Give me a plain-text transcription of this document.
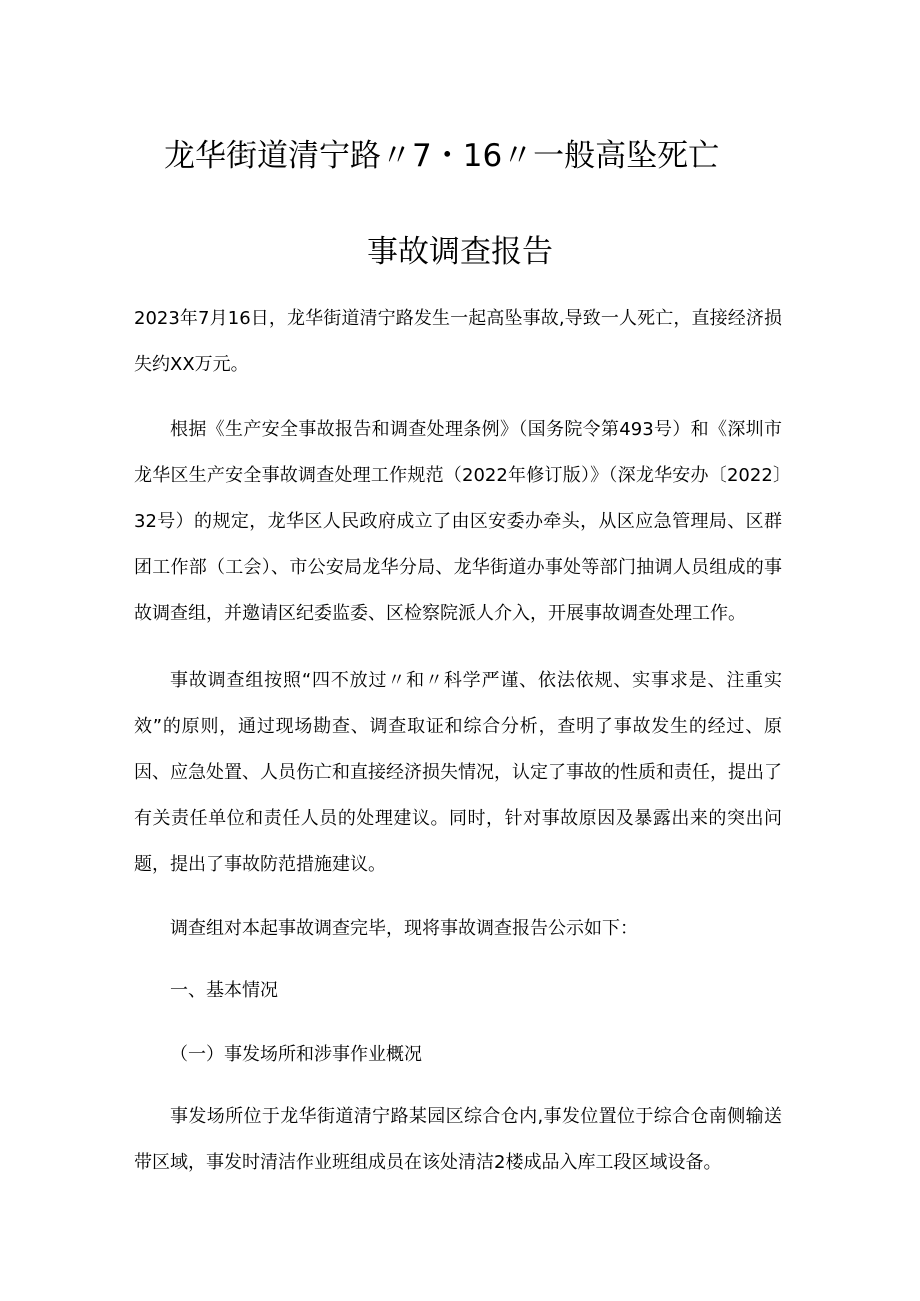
龙华街道清宁路〃7・16〃一般高坠死亡
事故调查报告

2023年7月16日，龙华街道清宁路发生一起高坠事故,导致一人死亡，直接经济损失约XX万元。

根据《生产安全事故报告和调查处理条例》（国务院令第493号）和《深圳市龙华区生产安全事故调查处理工作规范（2022年修订版）》（深龙华安办〔2022〕32号）的规定，龙华区人民政府成立了由区安委办牵头，从区应急管理局、区群团工作部（工会）、市公安局龙华分局、龙华街道办事处等部门抽调人员组成的事故调查组，并邀请区纪委监委、区检察院派人介入，开展事故调查处理工作。

事故调查组按照“四不放过〃和〃科学严谨、依法依规、实事求是、注重实效”的原则，通过现场勘查、调查取证和综合分析，查明了事故发生的经过、原因、应急处置、人员伤亡和直接经济损失情况，认定了事故的性质和责任，提出了有关责任单位和责任人员的处理建议。同时，针对事故原因及暴露出来的突出问题，提出了事故防范措施建议。

调查组对本起事故调查完毕，现将事故调查报告公示如下：

一、基本情况

（一）事发场所和涉事作业概况

事发场所位于龙华街道清宁路某园区综合仓内,事发位置位于综合仓南侧输送带区域，事发时清洁作业班组成员在该处清洁2楼成品入库工段区域设备。
